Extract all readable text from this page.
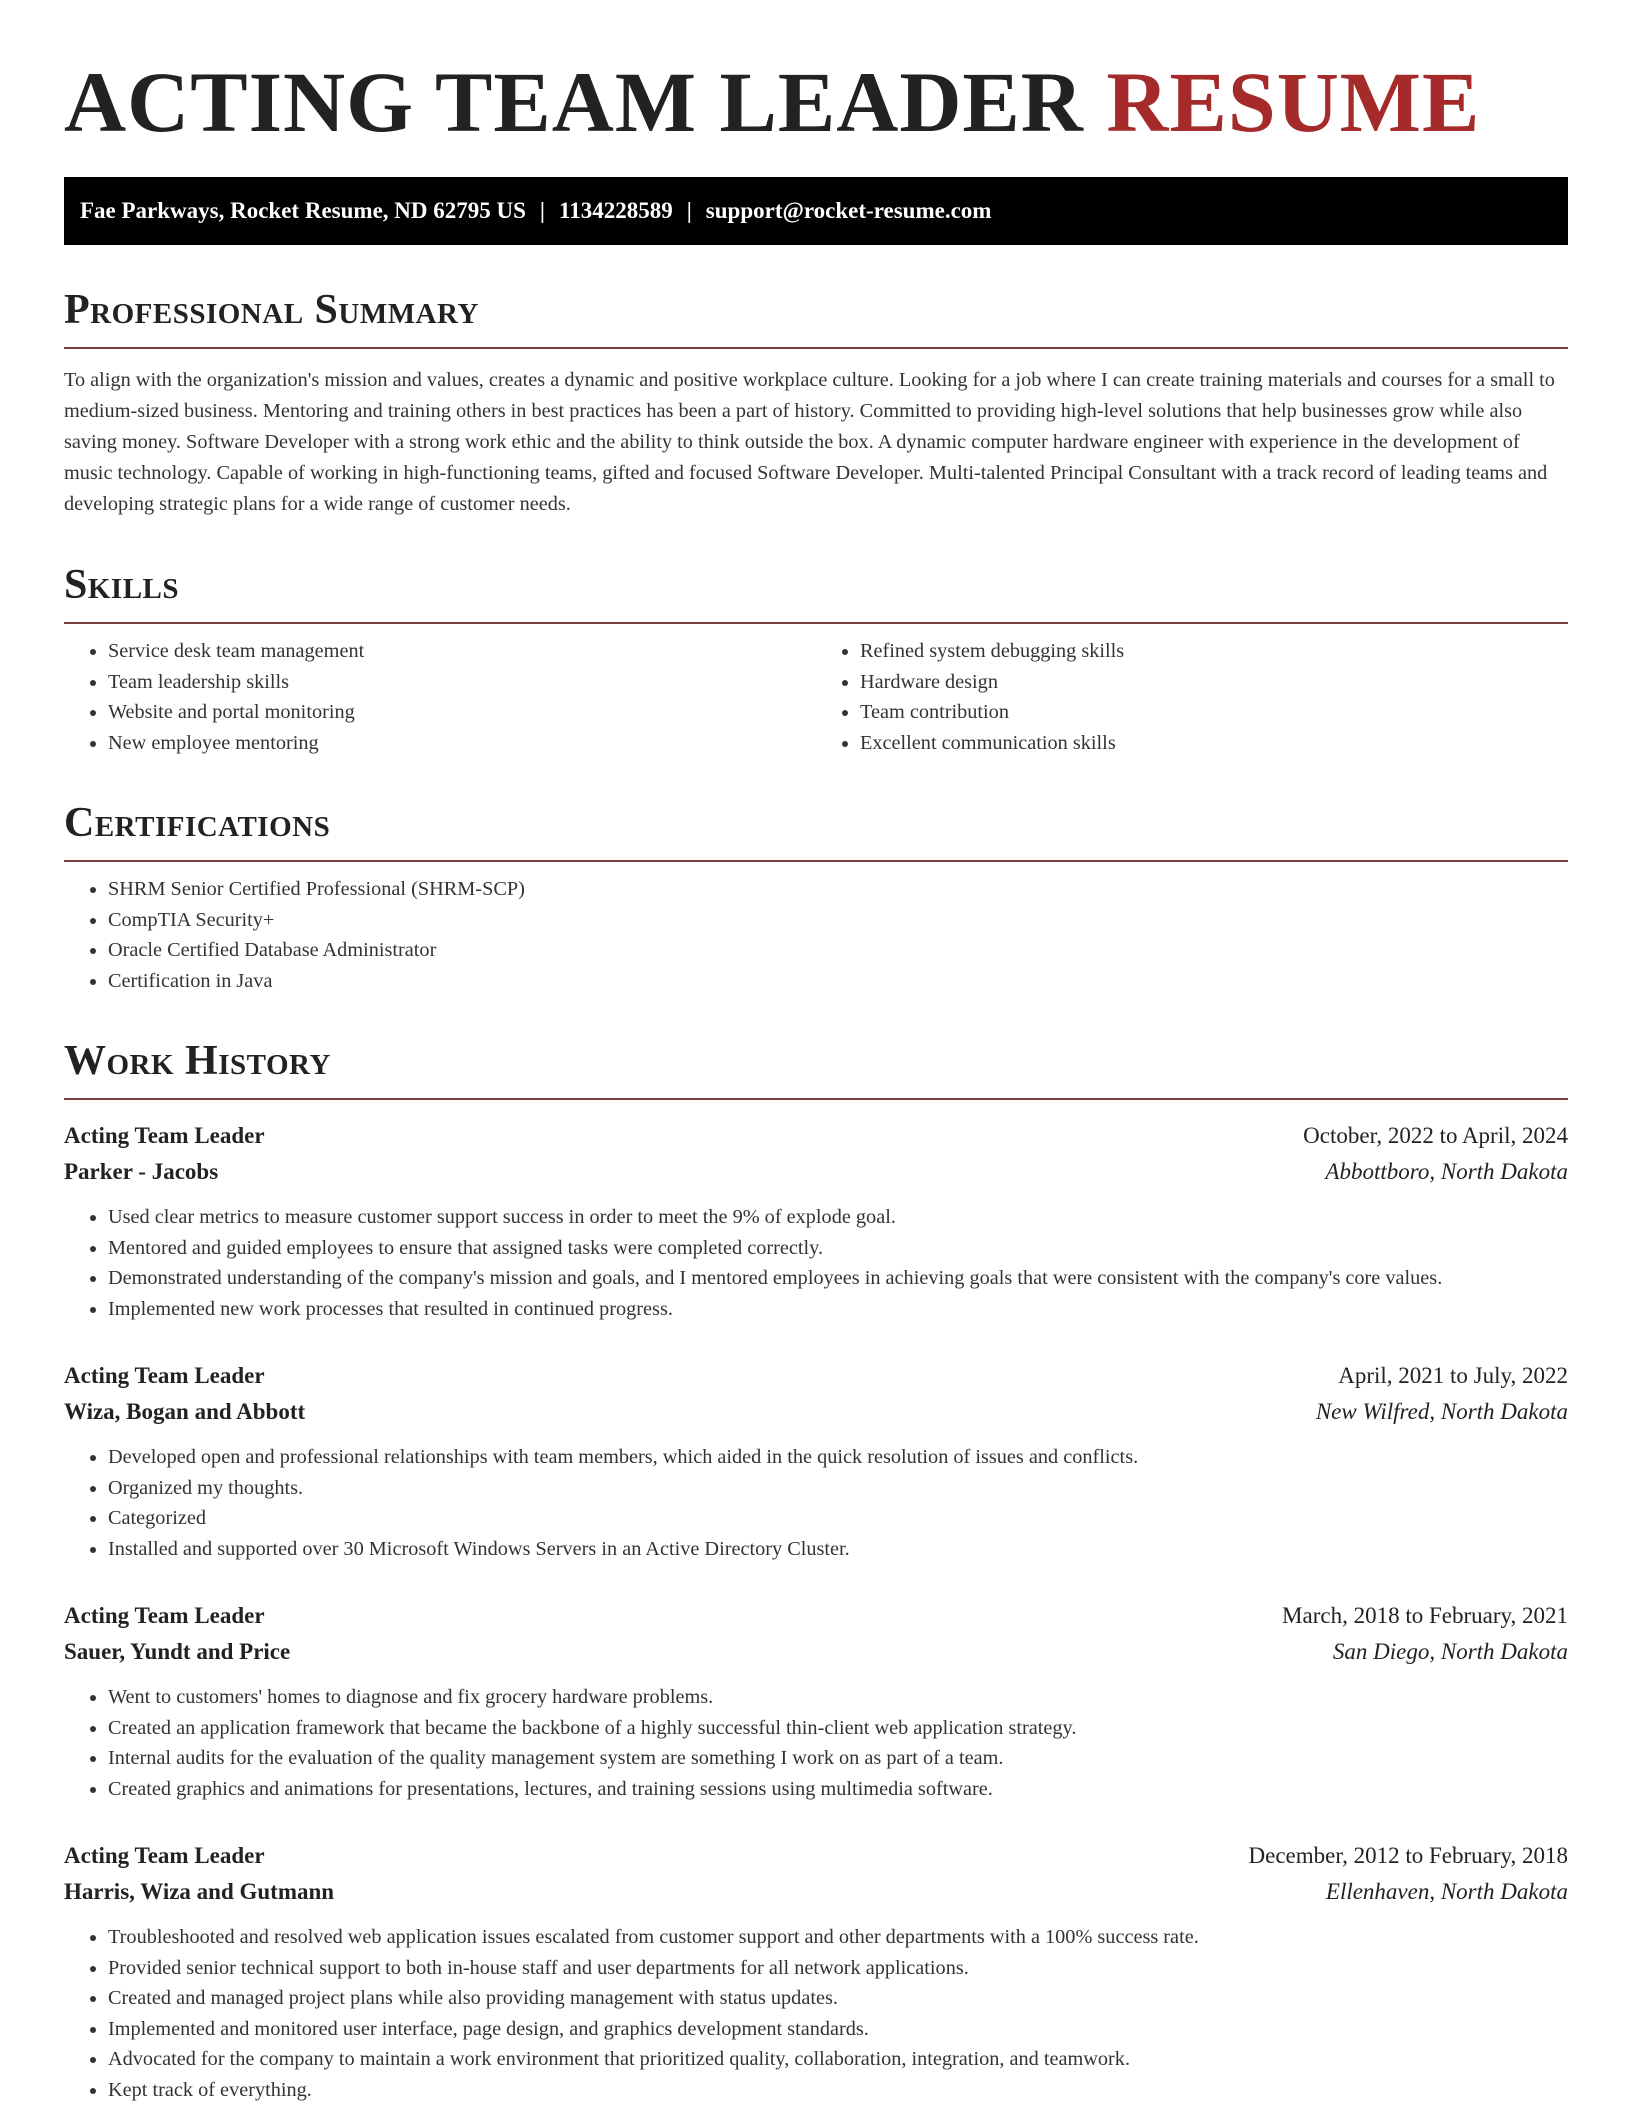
ACTING TEAM LEADER RESUME
Fae Parkways, Rocket Resume, ND 62795 US | 1134228589 | support@rocket-resume.com
Professional Summary
To align with the organization's mission and values, creates a dynamic and positive workplace culture. Looking for a job where I can create training materials and courses for a small to medium-sized business. Mentoring and training others in best practices has been a part of history. Committed to providing high-level solutions that help businesses grow while also saving money. Software Developer with a strong work ethic and the ability to think outside the box. A dynamic computer hardware engineer with experience in the development of music technology. Capable of working in high-functioning teams, gifted and focused Software Developer. Multi-talented Principal Consultant with a track record of leading teams and developing strategic plans for a wide range of customer needs.
Skills
• Service desk team management
• Team leadership skills
• Website and portal monitoring
• New employee mentoring
• Refined system debugging skills
• Hardware design
• Team contribution
• Excellent communication skills
Certifications
• SHRM Senior Certified Professional (SHRM-SCP)
• CompTIA Security+
• Oracle Certified Database Administrator
• Certification in Java
Work History
Acting Team Leader	October, 2022 to April, 2024
Parker - Jacobs	Abbottboro, North Dakota
• Used clear metrics to measure customer support success in order to meet the 9% of explode goal.
• Mentored and guided employees to ensure that assigned tasks were completed correctly.
• Demonstrated understanding of the company's mission and goals, and I mentored employees in achieving goals that were consistent with the company's core values.
• Implemented new work processes that resulted in continued progress.
Acting Team Leader	April, 2021 to July, 2022
Wiza, Bogan and Abbott	New Wilfred, North Dakota
• Developed open and professional relationships with team members, which aided in the quick resolution of issues and conflicts.
• Organized my thoughts.
• Categorized
• Installed and supported over 30 Microsoft Windows Servers in an Active Directory Cluster.
Acting Team Leader	March, 2018 to February, 2021
Sauer, Yundt and Price	San Diego, North Dakota
• Went to customers' homes to diagnose and fix grocery hardware problems.
• Created an application framework that became the backbone of a highly successful thin-client web application strategy.
• Internal audits for the evaluation of the quality management system are something I work on as part of a team.
• Created graphics and animations for presentations, lectures, and training sessions using multimedia software.
Acting Team Leader	December, 2012 to February, 2018
Harris, Wiza and Gutmann	Ellenhaven, North Dakota
• Troubleshooted and resolved web application issues escalated from customer support and other departments with a 100% success rate.
• Provided senior technical support to both in-house staff and user departments for all network applications.
• Created and managed project plans while also providing management with status updates.
• Implemented and monitored user interface, page design, and graphics development standards.
• Advocated for the company to maintain a work environment that prioritized quality, collaboration, integration, and teamwork.
• Kept track of everything.
